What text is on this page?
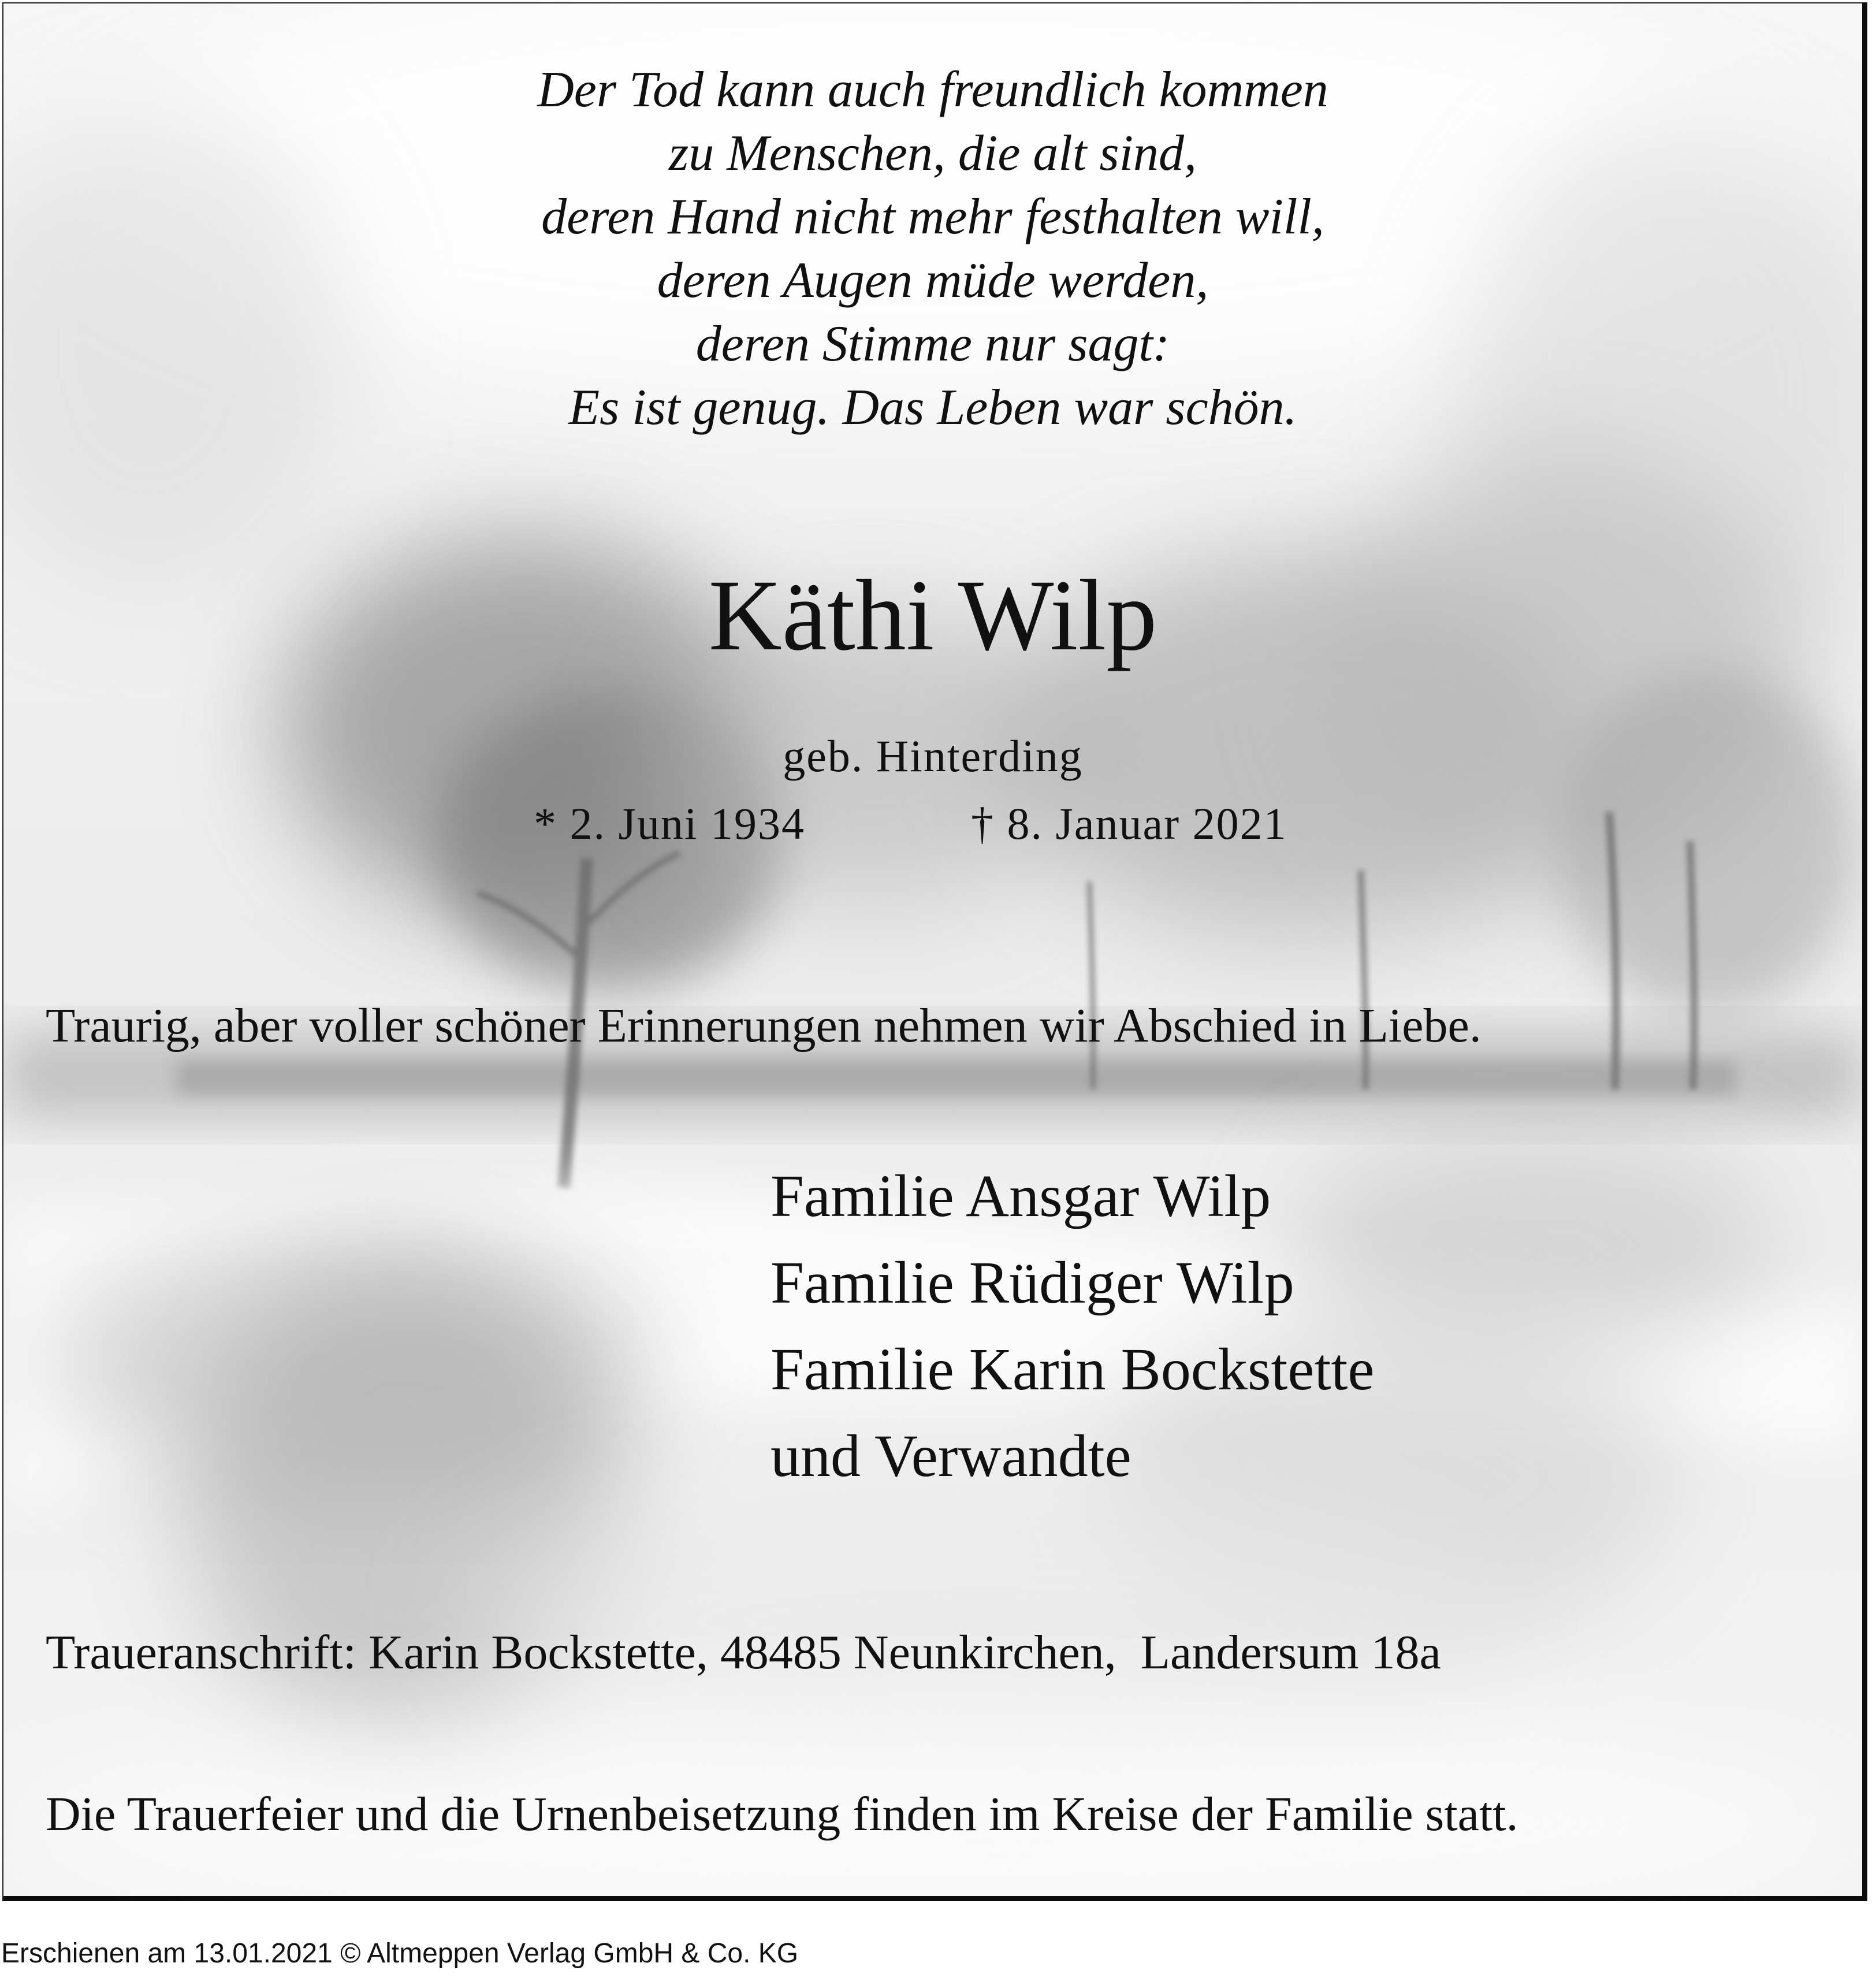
Der Tod kann auch freundlich kommen
zu Menschen, die alt sind,
deren Hand nicht mehr festhalten will,
deren Augen müde werden,
deren Stimme nur sagt:
Es ist genug. Das Leben war schön.
Käthi Wilp
geb. Hinterding
* 2. Juni 1934	† 8. Januar 2021
Traurig, aber voller schöner Erinnerungen nehmen wir Abschied in Liebe.
Familie Ansgar Wilp
Familie Rüdiger Wilp
Familie Karin Bockstette
und Verwandte
Traueranschrift: Karin Bockstette, 48485 Neunkirchen,  Landersum 18a
Die Trauerfeier und die Urnenbeisetzung finden im Kreise der Familie statt.
Erschienen am 13.01.2021 © Altmeppen Verlag GmbH & Co. KG
